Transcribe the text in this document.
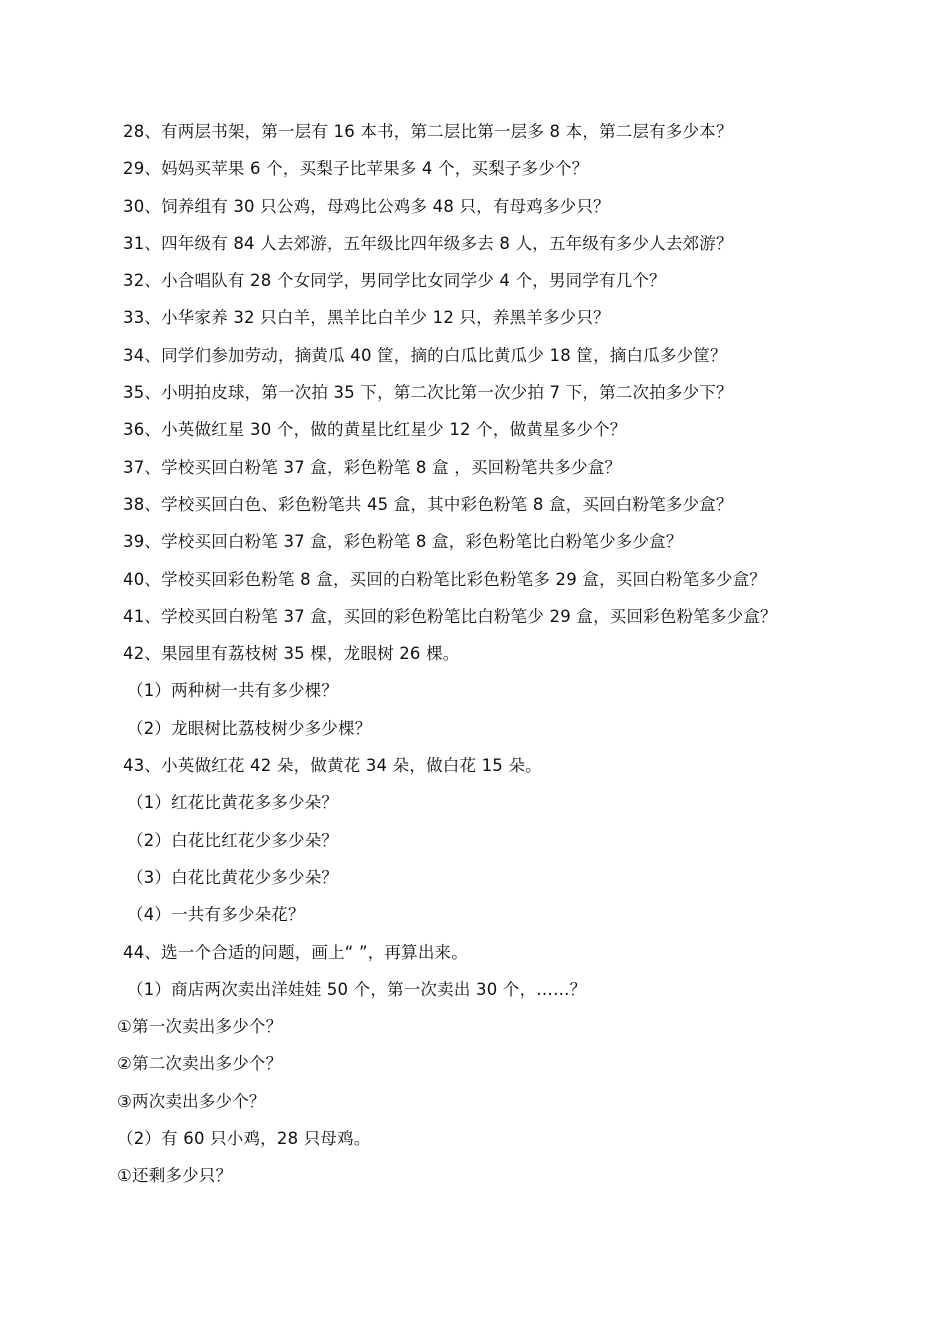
28、有两层书架，第一层有 16 本书，第二层比第一层多 8 本，第二层有多少本？
29、妈妈买苹果 6 个，买梨子比苹果多 4 个，买梨子多少个？
30、饲养组有 30 只公鸡，母鸡比公鸡多 48 只，有母鸡多少只？
31、四年级有 84 人去郊游，五年级比四年级多去 8 人，五年级有多少人去郊游？
32、小合唱队有 28 个女同学，男同学比女同学少 4 个，男同学有几个？
33、小华家养 32 只白羊，黑羊比白羊少 12 只，养黑羊多少只？
34、同学们参加劳动，摘黄瓜 40 筐，摘的白瓜比黄瓜少 18 筐，摘白瓜多少筐？
35、小明拍皮球，第一次拍 35 下，第二次比第一次少拍 7 下，第二次拍多少下？
36、小英做红星 30 个，做的黄星比红星少 12 个，做黄星多少个？
37、学校买回白粉笔 37 盒，彩色粉笔 8 盒 ，买回粉笔共多少盒？
38、学校买回白色、彩色粉笔共 45 盒，其中彩色粉笔 8 盒，买回白粉笔多少盒？
39、学校买回白粉笔 37 盒，彩色粉笔 8 盒，彩色粉笔比白粉笔少多少盒？
40、学校买回彩色粉笔 8 盒，买回的白粉笔比彩色粉笔多 29 盒，买回白粉笔多少盒？
41、学校买回白粉笔 37 盒，买回的彩色粉笔比白粉笔少 29 盒，买回彩色粉笔多少盒？
42、果园里有荔枝树 35 棵，龙眼树 26 棵。
（1）两种树一共有多少棵？
（2）龙眼树比荔枝树少多少棵？
43、小英做红花 42 朵，做黄花 34 朵，做白花 15 朵。
（1）红花比黄花多多少朵？
（2）白花比红花少多少朵？
（3）白花比黄花少多少朵？
（4）一共有多少朵花？
44、选一个合适的问题，画上“ ”，再算出来。
（1）商店两次卖出洋娃娃 50 个，第一次卖出 30 个，……？
①第一次卖出多少个？
②第二次卖出多少个？
③两次卖出多少个？
（2）有 60 只小鸡，28 只母鸡。
①还剩多少只？
